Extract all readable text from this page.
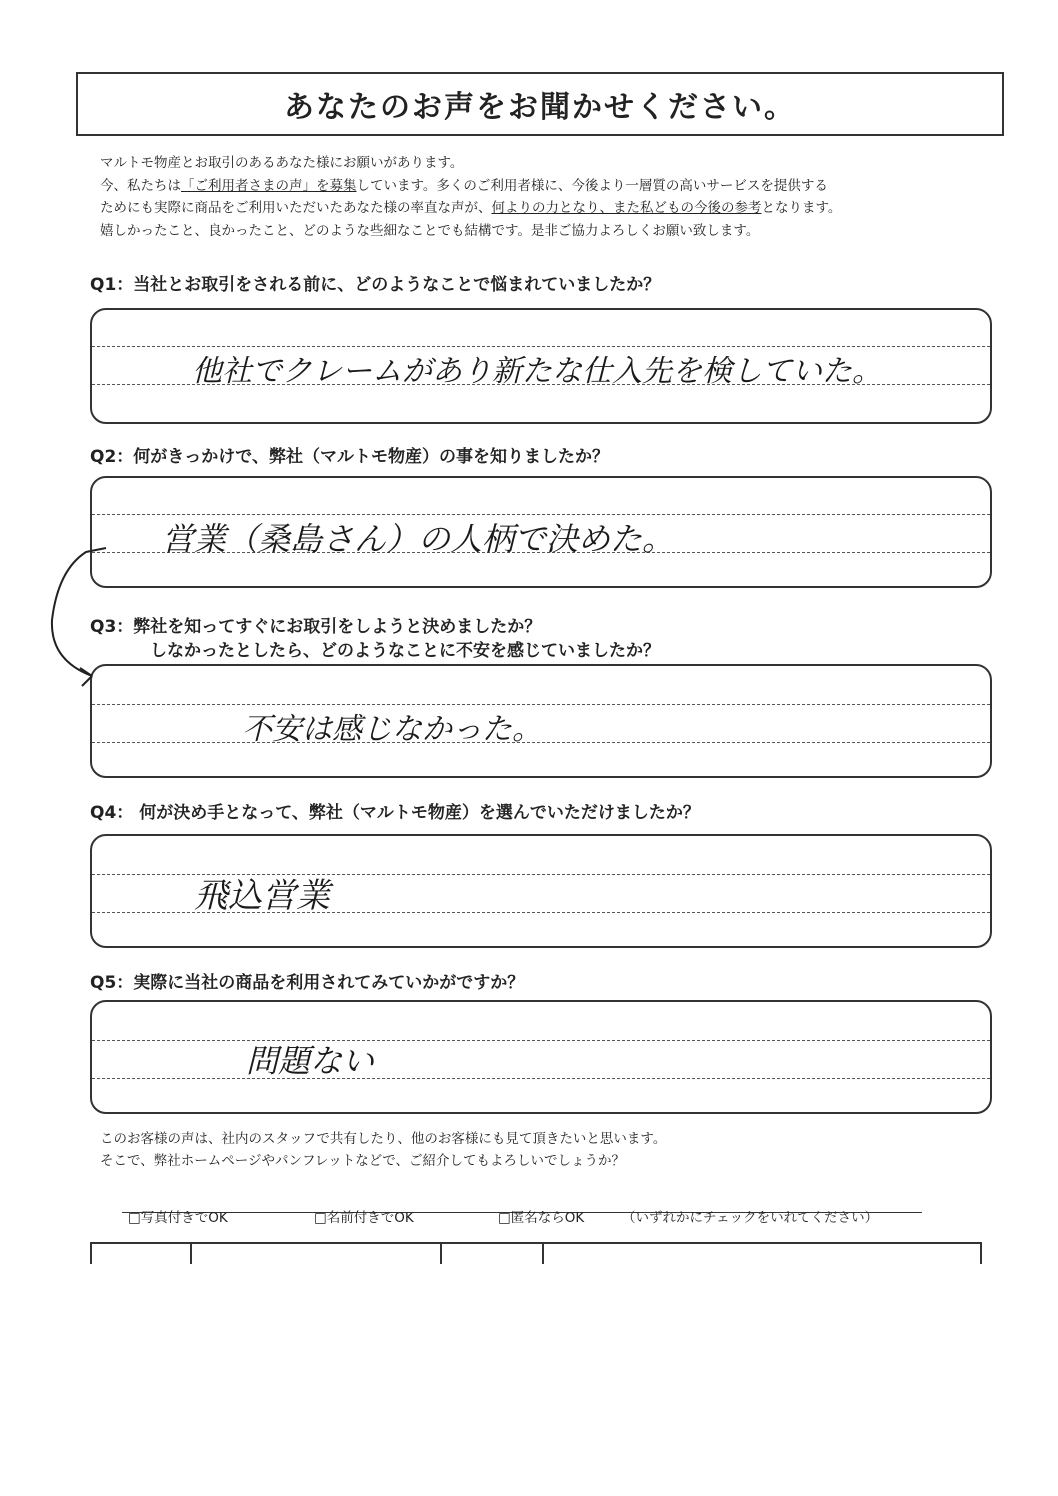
あなたのお声をお聞かせください。
マルトモ物産とお取引のあるあなた様にお願いがあります。
今、私たちは「ご利用者さまの声」を募集しています。多くのご利用者様に、今後より一層質の高いサービスを提供する
ためにも実際に商品をご利用いただいたあなた様の率直な声が、何よりの力となり、また私どもの今後の参考となります。
嬉しかったこと、良かったこと、どのような些細なことでも結構です。是非ご協力よろしくお願い致します。
Q1：当社とお取引をされる前に、どのようなことで悩まれていましたか？
他社でクレームがあり新たな仕入先を検していた。
Q2：何がきっかけで、弊社（マルトモ物産）の事を知りましたか？
営業（桑島さん）の人柄で決めた。
Q3：弊社を知ってすぐにお取引をしようと決めましたか？
しなかったとしたら、どのようなことに不安を感じていましたか？
不安は感じなかった。
Q4： 何が決め手となって、弊社（マルトモ物産）を選んでいただけましたか？
飛込営業
Q5：実際に当社の商品を利用されてみていかがですか？
問題ない
このお客様の声は、社内のスタッフで共有したり、他のお客様にも見て頂きたいと思います。
そこで、弊社ホームページやパンフレットなどで、ご紹介してもよろしいでしょうか？
□写真付きでOK	□名前付きでOK	□匿名ならOK	（いずれかにチェックをいれてください）
